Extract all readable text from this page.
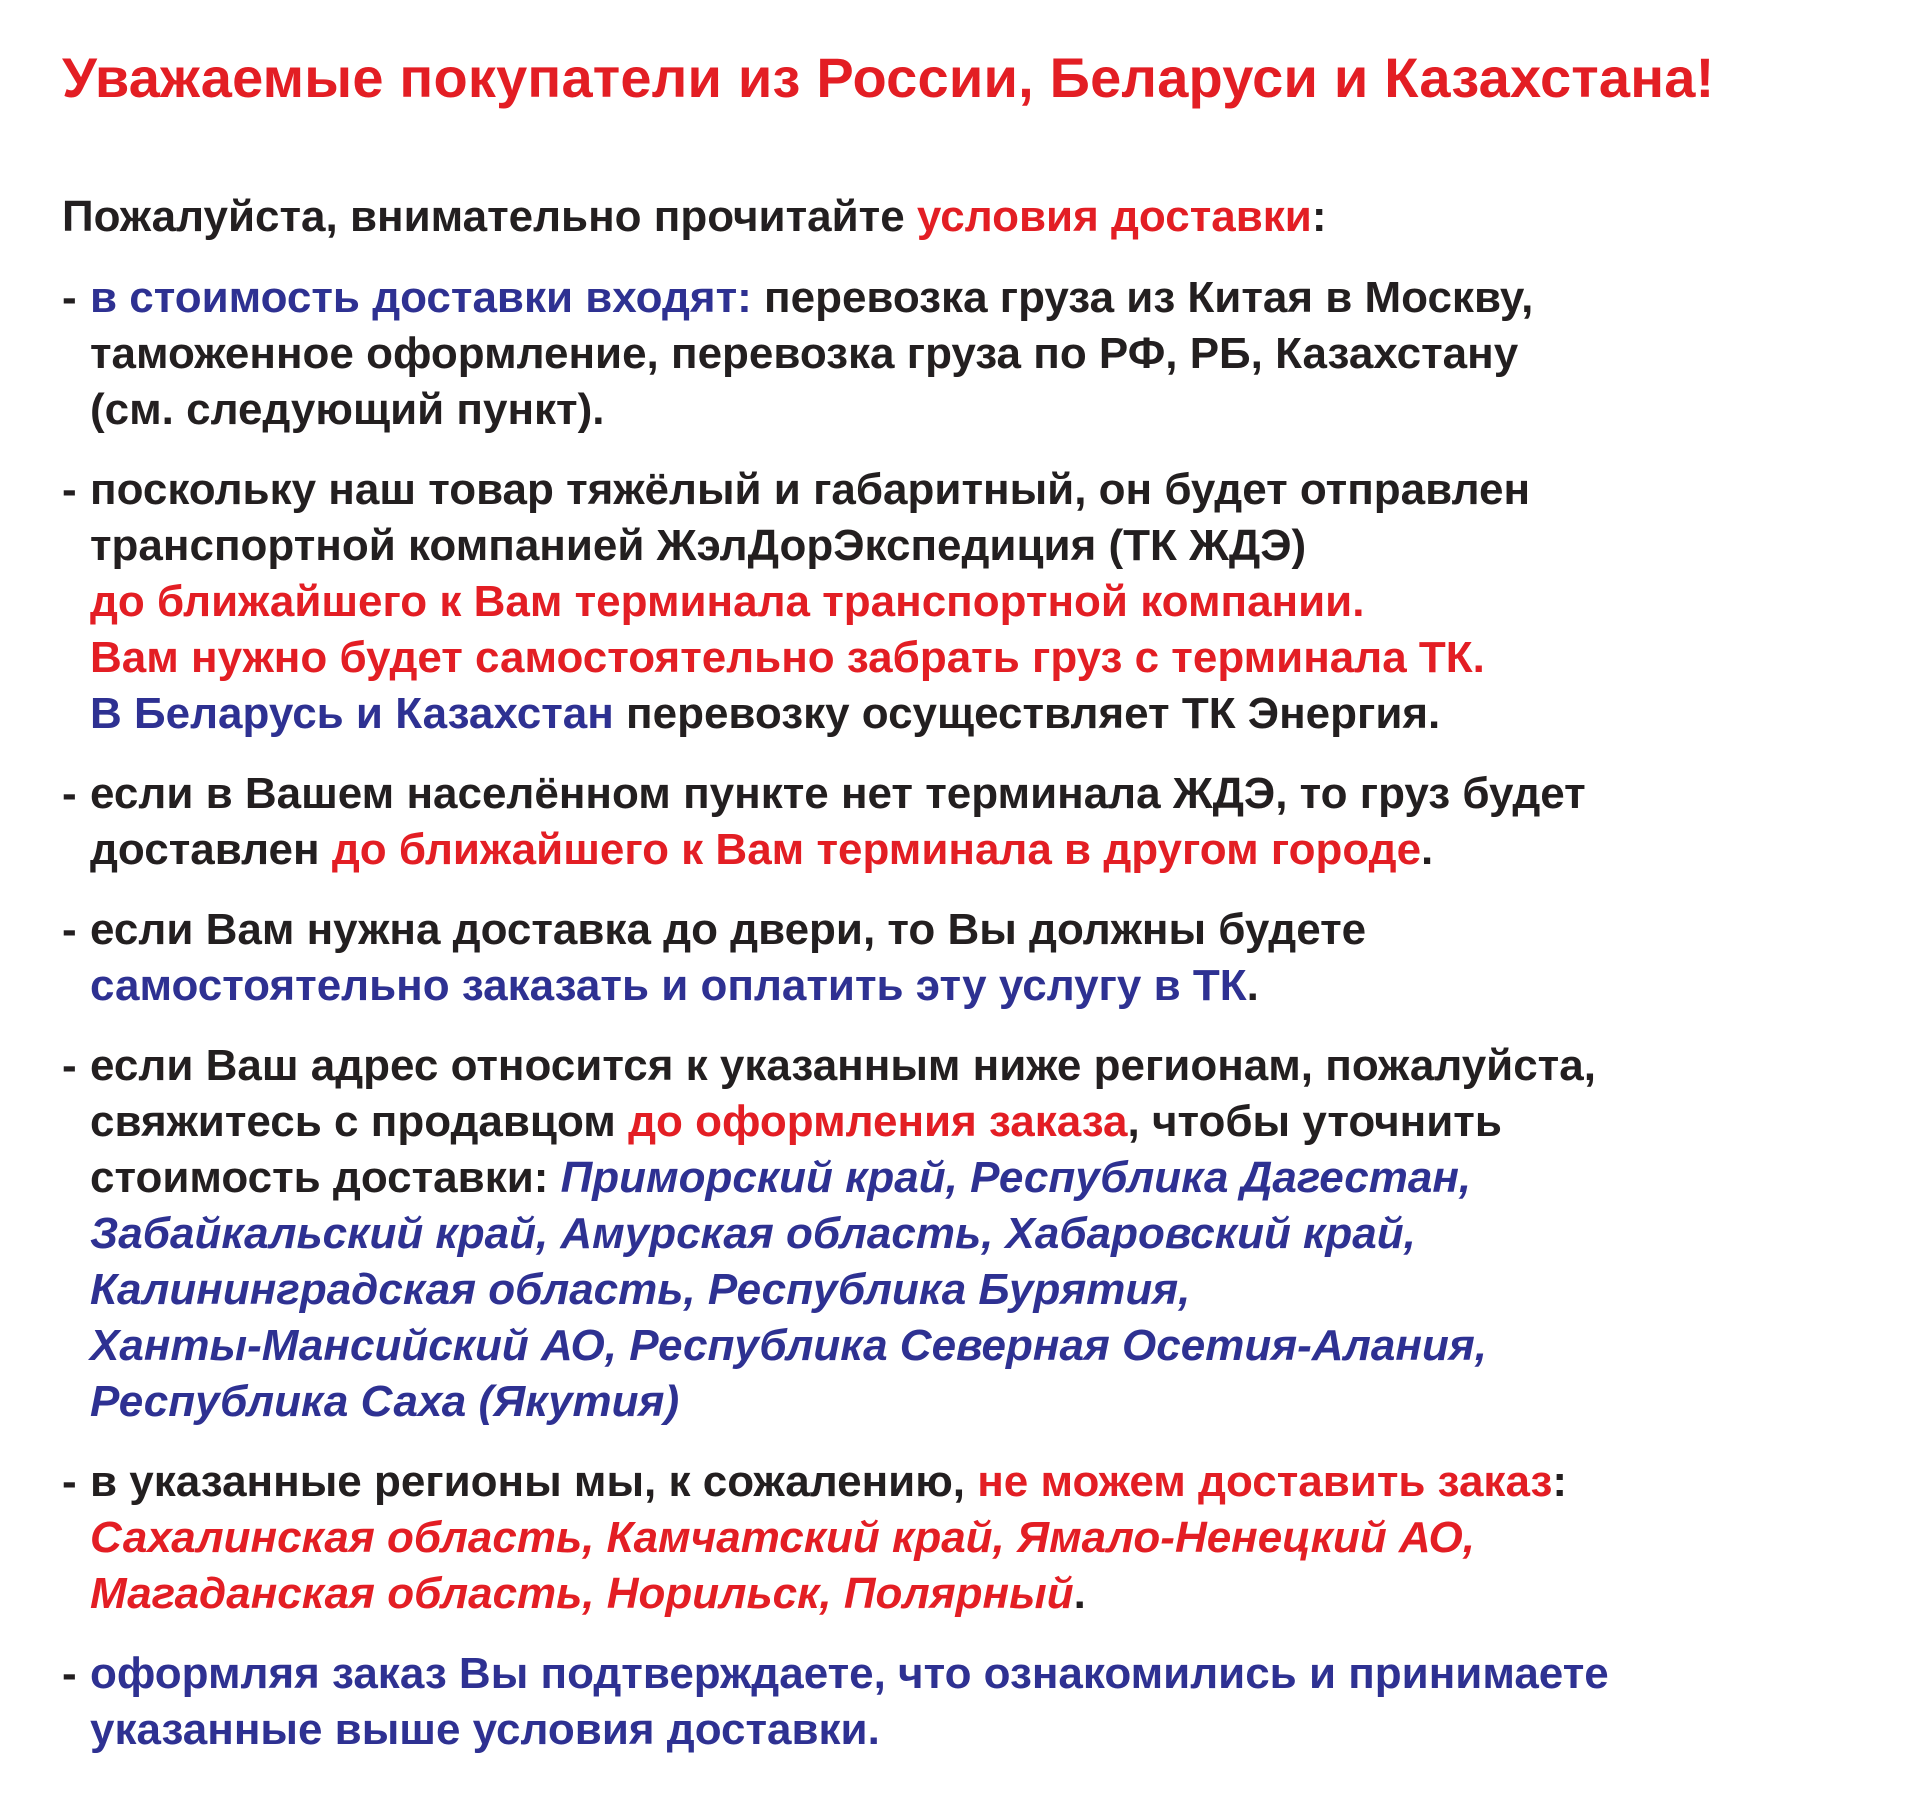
Уважаемые покупатели из России, Беларуси и Казахстана!
Пожалуйста, внимательно прочитайте условия доставки:
- в стоимость доставки входят: перевозка груза из Китая в Москву,
таможенное оформление, перевозка груза по РФ, РБ, Казахстану
(см. следующий пункт).
- поскольку наш товар тяжёлый и габаритный, он будет отправлен
транспортной компанией ЖэлДорЭкспедиция (ТК ЖДЭ)
до ближайшего к Вам терминала транспортной компании.
Вам нужно будет самостоятельно забрать груз с терминала ТК.
В Беларусь и Казахстан перевозку осуществляет ТК Энергия.
- если в Вашем населённом пункте нет терминала ЖДЭ, то груз будет
доставлен до ближайшего к Вам терминала в другом городе.
- если Вам нужна доставка до двери, то Вы должны будете
самостоятельно заказать и оплатить эту услугу в ТК.
- если Ваш адрес относится к указанным ниже регионам, пожалуйста,
свяжитесь с продавцом до оформления заказа, чтобы уточнить
стоимость доставки: Приморский край, Республика Дагестан,
Забайкальский край, Амурская область, Хабаровский край,
Калининградская область, Республика Бурятия,
Ханты-Мансийский АО, Республика Северная Осетия-Алания,
Республика Саха (Якутия)
- в указанные регионы мы, к сожалению, не можем доставить заказ:
Сахалинская область, Камчатский край, Ямало-Ненецкий АО,
Магаданская область, Норильск, Полярный.
- оформляя заказ Вы подтверждаете, что ознакомились и принимаете
указанные выше условия доставки.
